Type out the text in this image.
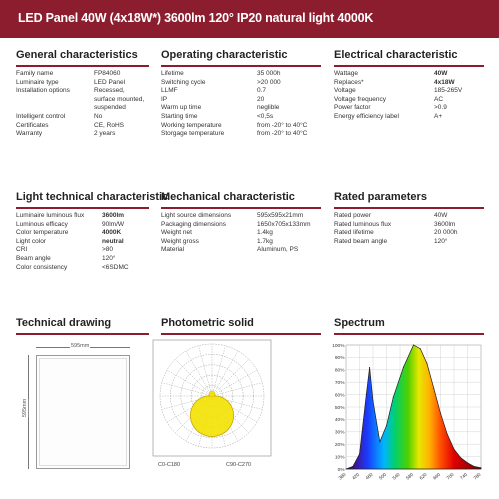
LED Panel 40W (4x18W*) 3600lm 120° IP20 natural light 4000K
General characteristics Operating characteristic	Electrical characteristic
Light technical characteristic
Mechanical characteristic	Rated parameters
Technical drawing	Photometric solid	Spectrum
Family name	FP84060
Luminaire type	LED Panel
Installation options	Recessed,
surface mounted,
suspended
Intelligent control	No
Certificates	CE, RoHS
Warranty	2 years
Lifetime	35 000h
Switching cycle	>20 000
LLMF	0.7
IP	20
Warm up time	neglible
Starting time	<0,5s
Working temperature	from -20° to 40°C
Storgage temperature	from -20° to 40°C
Wattage	40W
Replaces*	4x18W
Voltage	185-265V
Voltage frequency	AC
Power factor	>0.9
Energy efficiency label	A+
Luminaire luminous flux	3600lm
Luminous efficacy	90lm/W
Color temperature	4000K
Light color	neutral
CRI	>80
Beam angle	120°
Color consistency	<6SDMC
Light source dimensions	595x595x21mm
Packaging dimensions	1650x705x133mm
Weight net	1.4kg
Weight gross	1.7kg
Material	Aluminum, PS
Rated power	40W
Rated luminous flux	3600lm
Rated lifetime	20 000h
Rated beam angle	120°
595mm
595mm
C0-C180	C90-C270
0%
10%
20%
30%
40%
50%
60%
70%
80%
90%
100%
380 420 460 500 540 580 620 660 700 740 780
